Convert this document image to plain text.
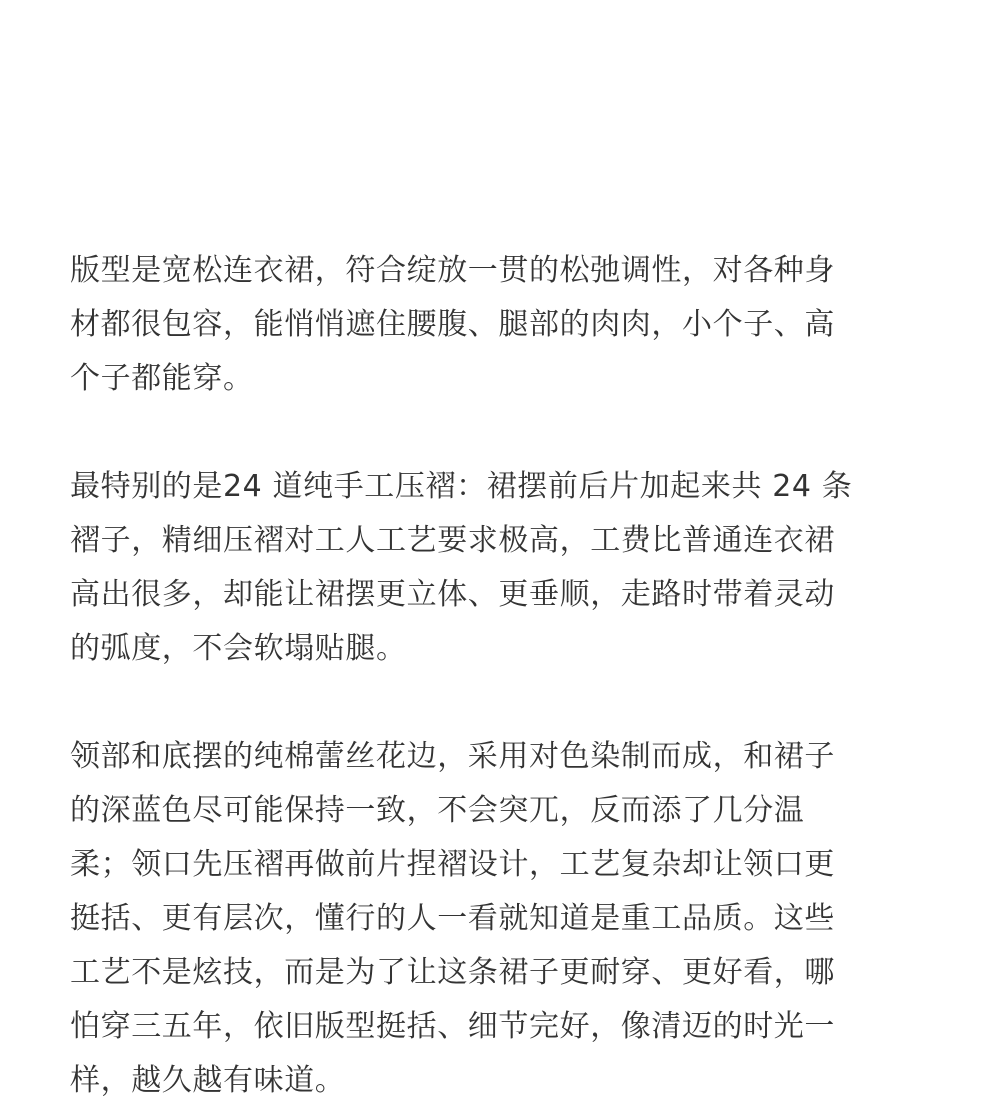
版型是宽松连衣裙，符合绽放一贯的松弛调性，对各种身
材都很包容，能悄悄遮住腰腹、腿部的肉肉，小个子、高
个子都能穿。

最特别的是24 道纯手工压褶：裙摆前后片加起来共 24 条
褶子，精细压褶对工人工艺要求极高，工费比普通连衣裙
高出很多，却能让裙摆更立体、更垂顺，走路时带着灵动
的弧度，不会软塌贴腿。

领部和底摆的纯棉蕾丝花边，采用对色染制而成，和裙子
的深蓝色尽可能保持一致，不会突兀，反而添了几分温
柔；领口先压褶再做前片捏褶设计，工艺复杂却让领口更
挺括、更有层次，懂行的人一看就知道是重工品质。这些
工艺不是炫技，而是为了让这条裙子更耐穿、更好看，哪
怕穿三五年，依旧版型挺括、细节完好，像清迈的时光一
样，越久越有味道。
